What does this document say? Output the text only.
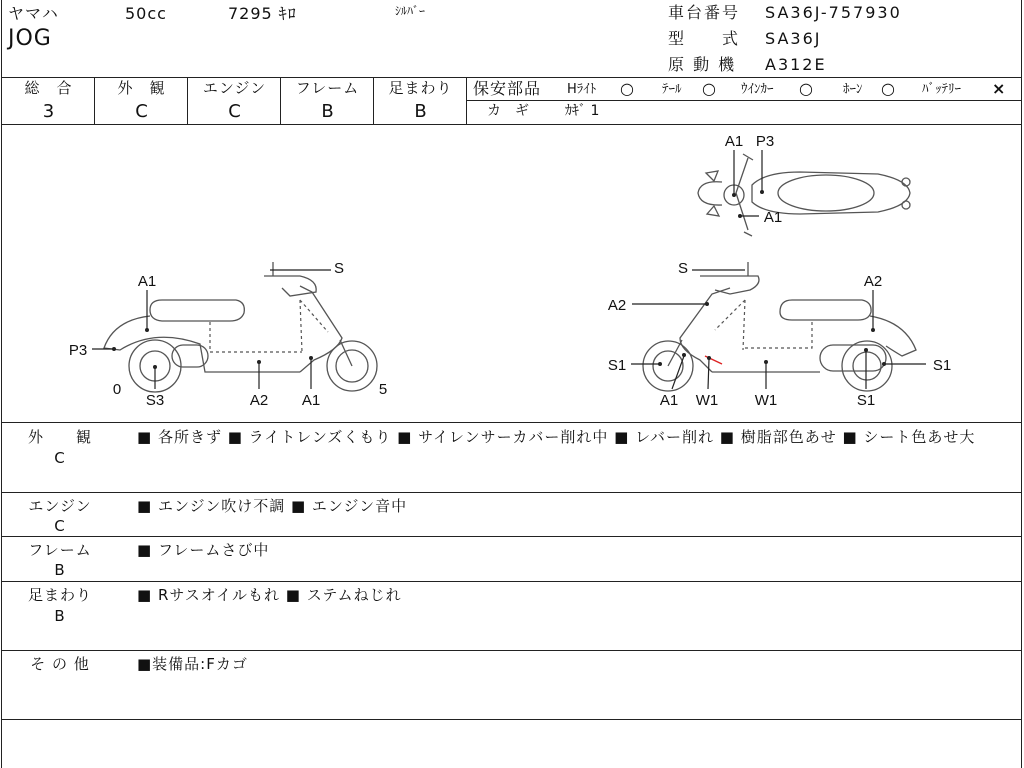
ヤマハ	50cc	7295 ｷﾛ	ｼﾙﾊﾞｰ
JOG
車台番号 SA36J-757930
型　　式 SA36J
原 動 機 A312E
総　合
3
外　観
C
エンジン
C
フレーム
B
足まわり
B
保安部品 Hﾗｲﾄ ○ ﾃｰﾙ ○ ｳｲﾝｶｰ ○ ﾎｰﾝ ○ ﾊﾞｯﾃﾘｰ ×
カ　ギ	ｶｷﾞ 1
A1
P3
S
0
S3	A2 A1
5
S
A2
A2
S1	S1
A1 W1 W1	S1
A1 P3
A1
外　　観
C
■ 各所きず ■ ライトレンズくもり ■ サイレンサーカバー削れ中 ■ レバー削れ ■ 樹脂部色あせ ■ シート色あせ大
エンジン
C
■ エンジン吹け不調 ■ エンジン音中
フレーム
B
■ フレームさび中
足まわり
B
■ Rサスオイルもれ ■ ステムねじれ
そ の 他	■装備品:Fカゴ
